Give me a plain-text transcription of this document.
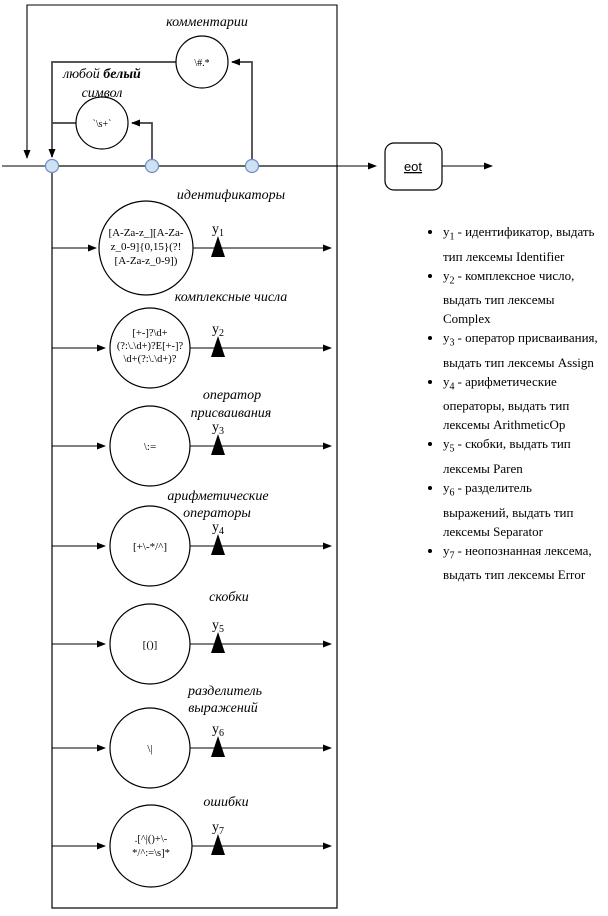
\#.*
комментарии
`\s+`
любой белый
символ
eot
[A-Za-z_][A-Za-z_0-9]{0,15}(?! [A-Za-z_0-9])
идентификаторы
$y_1$
[+-]?\d+ (?:\.\d+)?E[+-]? \d+(?:\.\d+)?
комплексные числа
$y_2$
\:=
оператор
присваивания
$y_3$
[+\-*/^]
арифметические
операторы
$y_4$
[()]
скобки
$y_5$
\|
разделитель
выражений
$y_6$
.[^|()+\-*/^:=\s]*
ошибки
$y_7$
• $y_1$ - идентификатор, выдать
тип лексемы Identifier
• $y_2$ - комплексное число,
выдать тип лексемы
Complex
• $y_3$ - оператор присваивания,
выдать тип лексемы Assign
• $y_4$ - арифметические
операторы, выдать тип
лексемы ArithmeticOp
• $y_5$ - скобки, выдать тип
лексемы Paren
• $y_6$ - разделитель
выражений, выдать тип
лексемы Separator
• $y_7$ - неопознанная лексема,
выдать тип лексемы Error
